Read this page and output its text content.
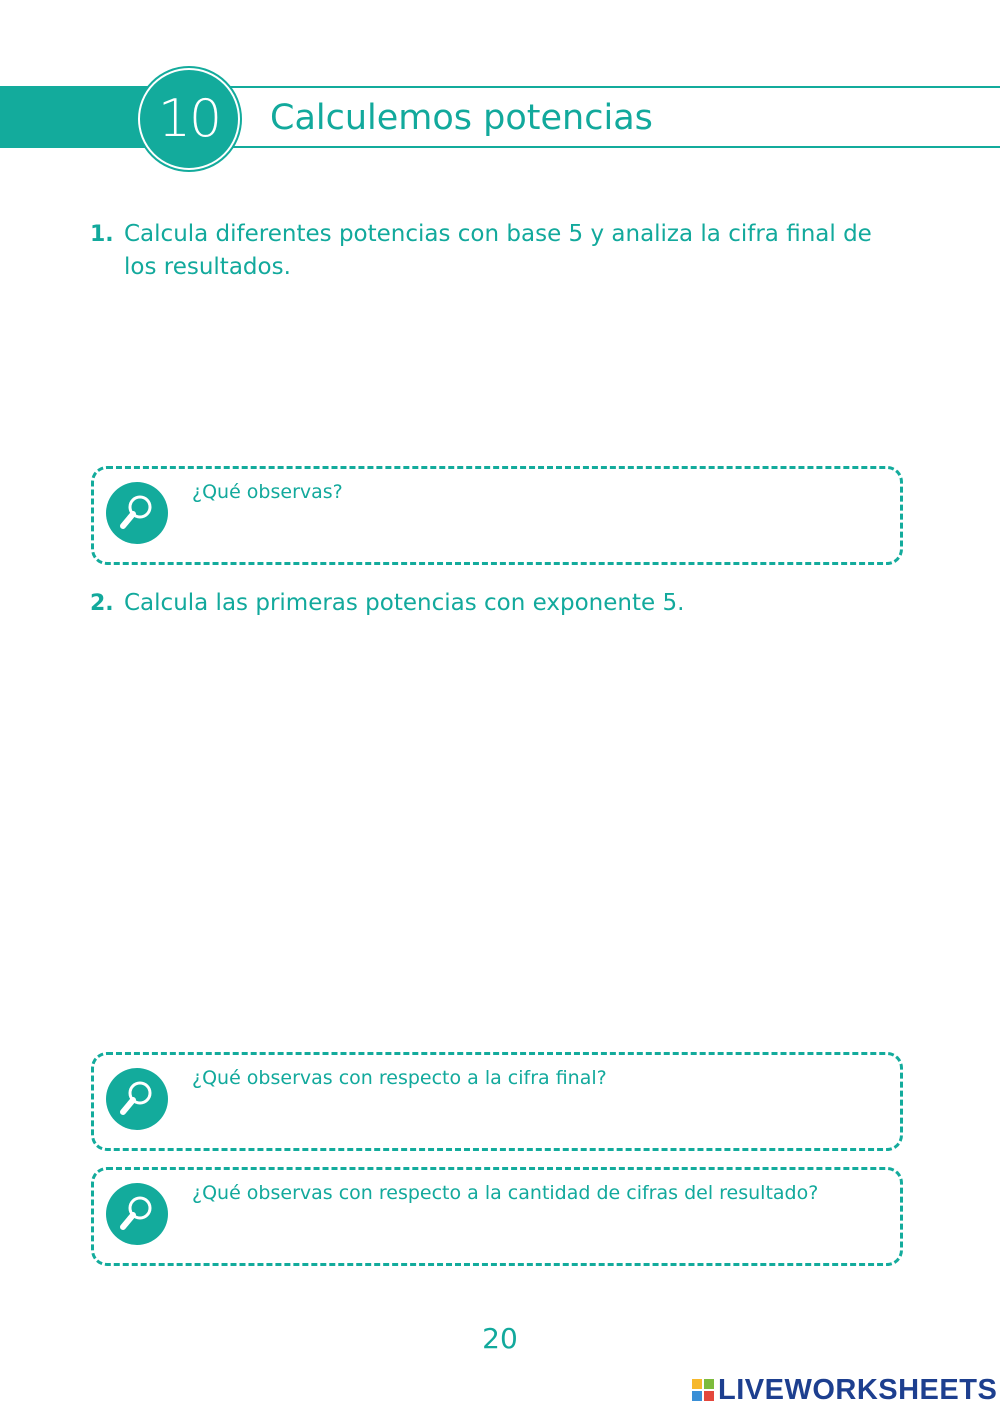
10 Calculemos potencias
1. Calcula diferentes potencias con base 5 y analiza la cifra final de los resultados.
¿Qué observas?
2. Calcula las primeras potencias con exponente 5.
¿Qué observas con respecto a la cifra final?
¿Qué observas con respecto a la cantidad de cifras del resultado?
20
LIVEWORKSHEETS
